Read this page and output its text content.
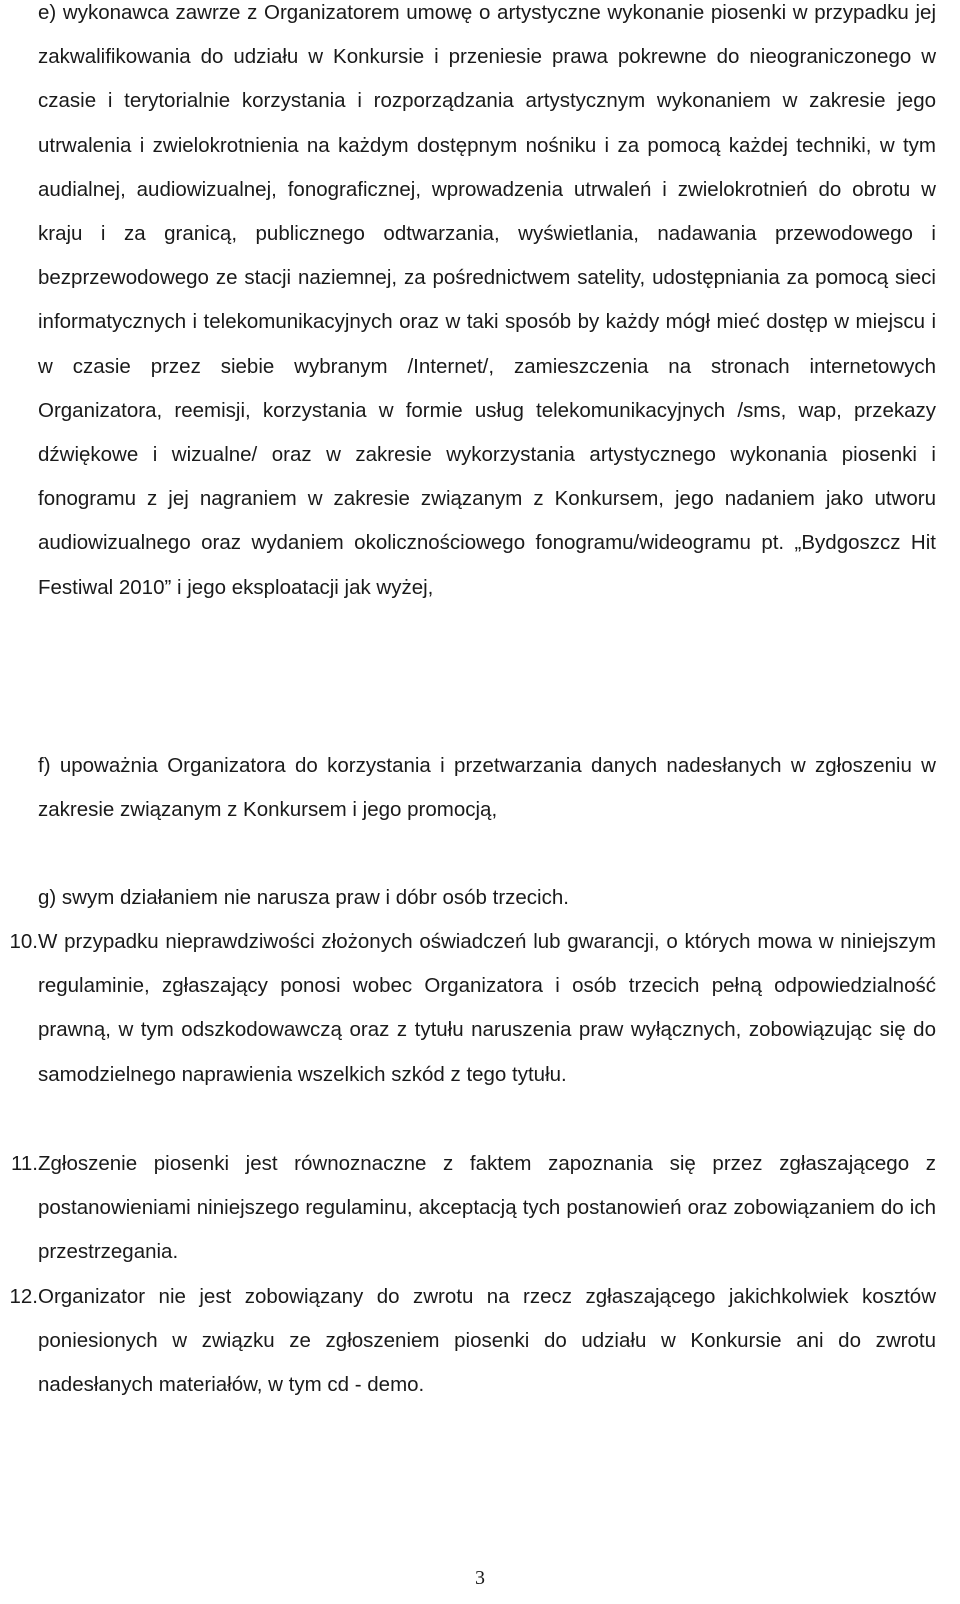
e) wykonawca zawrze z Organizatorem umowę o artystyczne wykonanie piosenki w przypadku jej zakwalifikowania do udziału w Konkursie i przeniesie prawa pokrewne do nieograniczonego w czasie i terytorialnie korzystania i rozporządzania artystycznym wykonaniem w zakresie jego utrwalenia i zwielokrotnienia na każdym dostępnym nośniku i za pomocą każdej techniki, w tym audialnej, audiowizualnej, fonograficznej, wprowadzenia utrwaleń i zwielokrotnień do obrotu w kraju i za granicą, publicznego odtwarzania, wyświetlania, nadawania przewodowego i bezprzewodowego ze stacji naziemnej, za pośrednictwem satelity, udostępniania za pomocą sieci informatycznych i telekomunikacyjnych oraz w taki sposób by każdy mógł mieć dostęp w miejscu i w czasie przez siebie wybranym /Internet/, zamieszczenia na stronach internetowych Organizatora, reemisji, korzystania w formie usług telekomunikacyjnych /sms, wap, przekazy dźwiękowe i wizualne/ oraz w zakresie wykorzystania artystycznego wykonania piosenki i fonogramu z jej nagraniem w zakresie związanym z Konkursem, jego nadaniem jako utworu audiowizualnego oraz wydaniem okolicznościowego fonogramu/wideogramu pt. „Bydgoszcz Hit Festiwal 2010” i jego eksploatacji jak wyżej,
f) upoważnia Organizatora do korzystania i przetwarzania danych nadesłanych w zgłoszeniu w zakresie związanym z Konkursem i jego promocją,
g) swym działaniem nie narusza praw i dóbr osób trzecich.
10. W przypadku nieprawdziwości złożonych oświadczeń lub gwarancji, o których mowa w niniejszym regulaminie, zgłaszający ponosi wobec Organizatora i osób trzecich pełną odpowiedzialność prawną, w tym odszkodowawczą oraz z tytułu naruszenia praw wyłącznych, zobowiązując się do samodzielnego naprawienia wszelkich szkód z tego tytułu.
11. Zgłoszenie piosenki jest równoznaczne z faktem zapoznania się przez zgłaszającego z postanowieniami niniejszego regulaminu, akceptacją tych postanowień oraz zobowiązaniem do ich przestrzegania.
12. Organizator nie jest zobowiązany do zwrotu na rzecz zgłaszającego jakichkolwiek kosztów poniesionych w związku ze zgłoszeniem piosenki do udziału w Konkursie ani do zwrotu nadesłanych materiałów, w tym cd - demo.
3
